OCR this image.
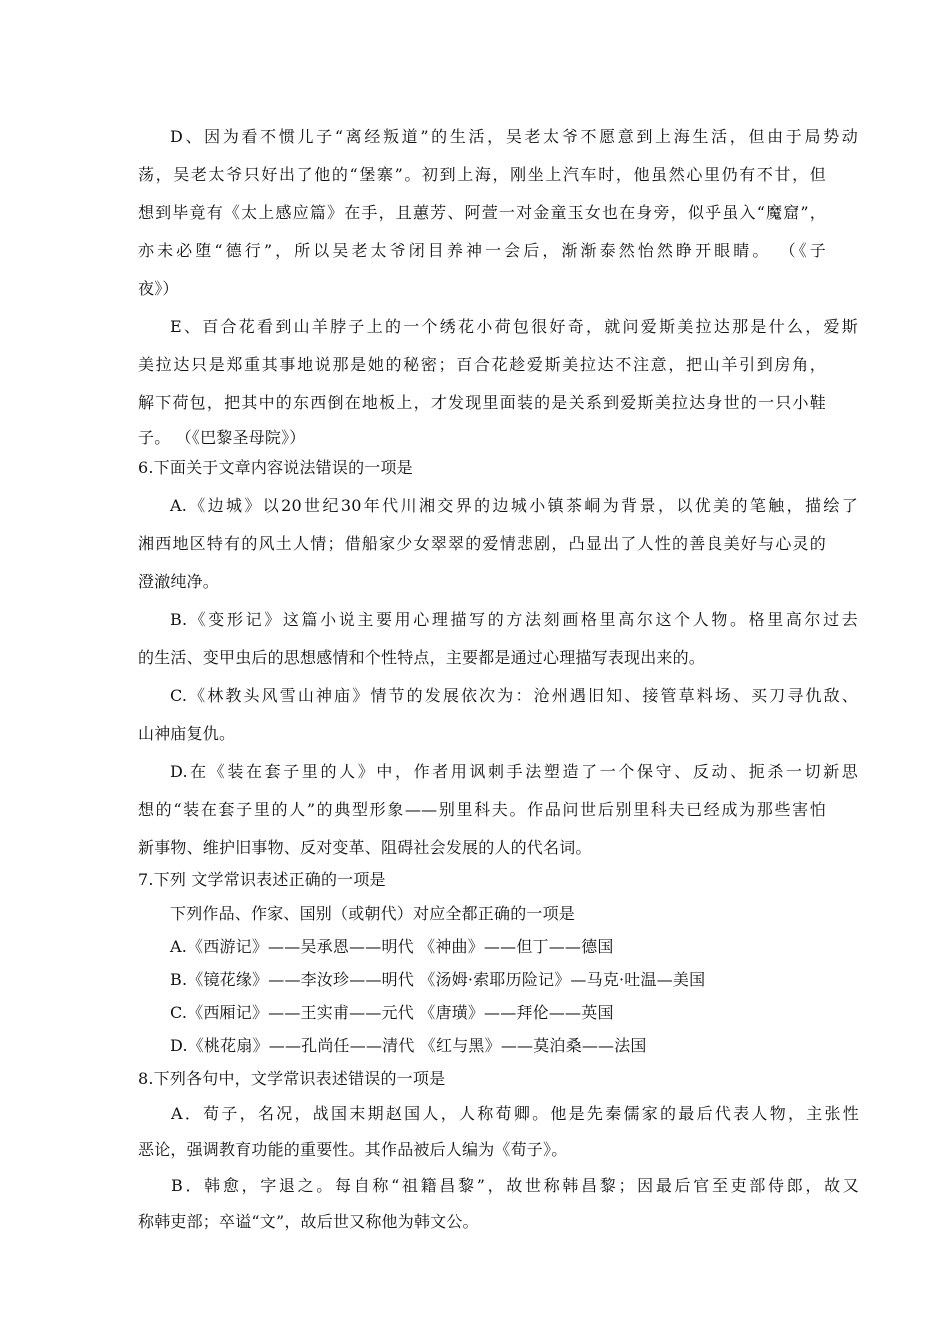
D、因为看不惯儿子“离经叛道”的生活，吴老太爷不愿意到上海生活，但由于局势动

荡，吴老太爷只好出了他的“堡寨”。初到上海，刚坐上汽车时，他虽然心里仍有不甘，但

想到毕竟有《太上感应篇》在手，且蕙芳、阿萱一对金童玉女也在身旁，似乎虽入“魔窟”，

亦未必堕“德行”，所以吴老太爷闭目养神一会后，渐渐泰然怡然睁开眼睛。 （《子

夜》）

E、百合花看到山羊脖子上的一个绣花小荷包很好奇，就问爱斯美拉达那是什么，爱斯

美拉达只是郑重其事地说那是她的秘密；百合花趁爱斯美拉达不注意，把山羊引到房角，

解下荷包，把其中的东西倒在地板上，才发现里面装的是关系到爱斯美拉达身世的一只小鞋

子。 （《巴黎圣母院》）

6.下面关于文章内容说法错误的一项是

A.《边城》以20世纪30年代川湘交界的边城小镇茶峒为背景，以优美的笔触，描绘了

湘西地区特有的风土人情；借船家少女翠翠的爱情悲剧，凸显出了人性的善良美好与心灵的

澄澈纯净。

B.《变形记》这篇小说主要用心理描写的方法刻画格里高尔这个人物。格里高尔过去

的生活、变甲虫后的思想感情和个性特点，主要都是通过心理描写表现出来的。

C.《林教头风雪山神庙》情节的发展依次为：沧州遇旧知、接管草料场、买刀寻仇敌、

山神庙复仇。

D.在《装在套子里的人》中，作者用讽刺手法塑造了一个保守、反动、扼杀一切新思

想的“装在套子里的人”的典型形象——别里科夫。作品问世后别里科夫已经成为那些害怕

新事物、维护旧事物、反对变革、阻碍社会发展的人的代名词。

7.下列 文学常识表述正确的一项是

下列作品、作家、国别（或朝代）对应全都正确的一项是

A.《西游记》——吴承恩——明代 《神曲》——但丁——德国

B.《镜花缘》——李汝珍——明代 《汤姆·索耶历险记》—马克·吐温—美国

C.《西厢记》——王实甫——元代 《唐璜》——拜伦——英国

D.《桃花扇》——孔尚任——清代 《红与黑》——莫泊桑——法国

8.下列各句中，文学常识表述错误的一项是

A．荀子，名况，战国末期赵国人，人称荀卿。他是先秦儒家的最后代表人物，主张性

恶论，强调教育功能的重要性。其作品被后人编为《荀子》。

B．韩愈，字退之。每自称“祖籍昌黎”，故世称韩昌黎；因最后官至吏部侍郎，故又

称韩吏部；卒谥“文”，故后世又称他为韩文公。
